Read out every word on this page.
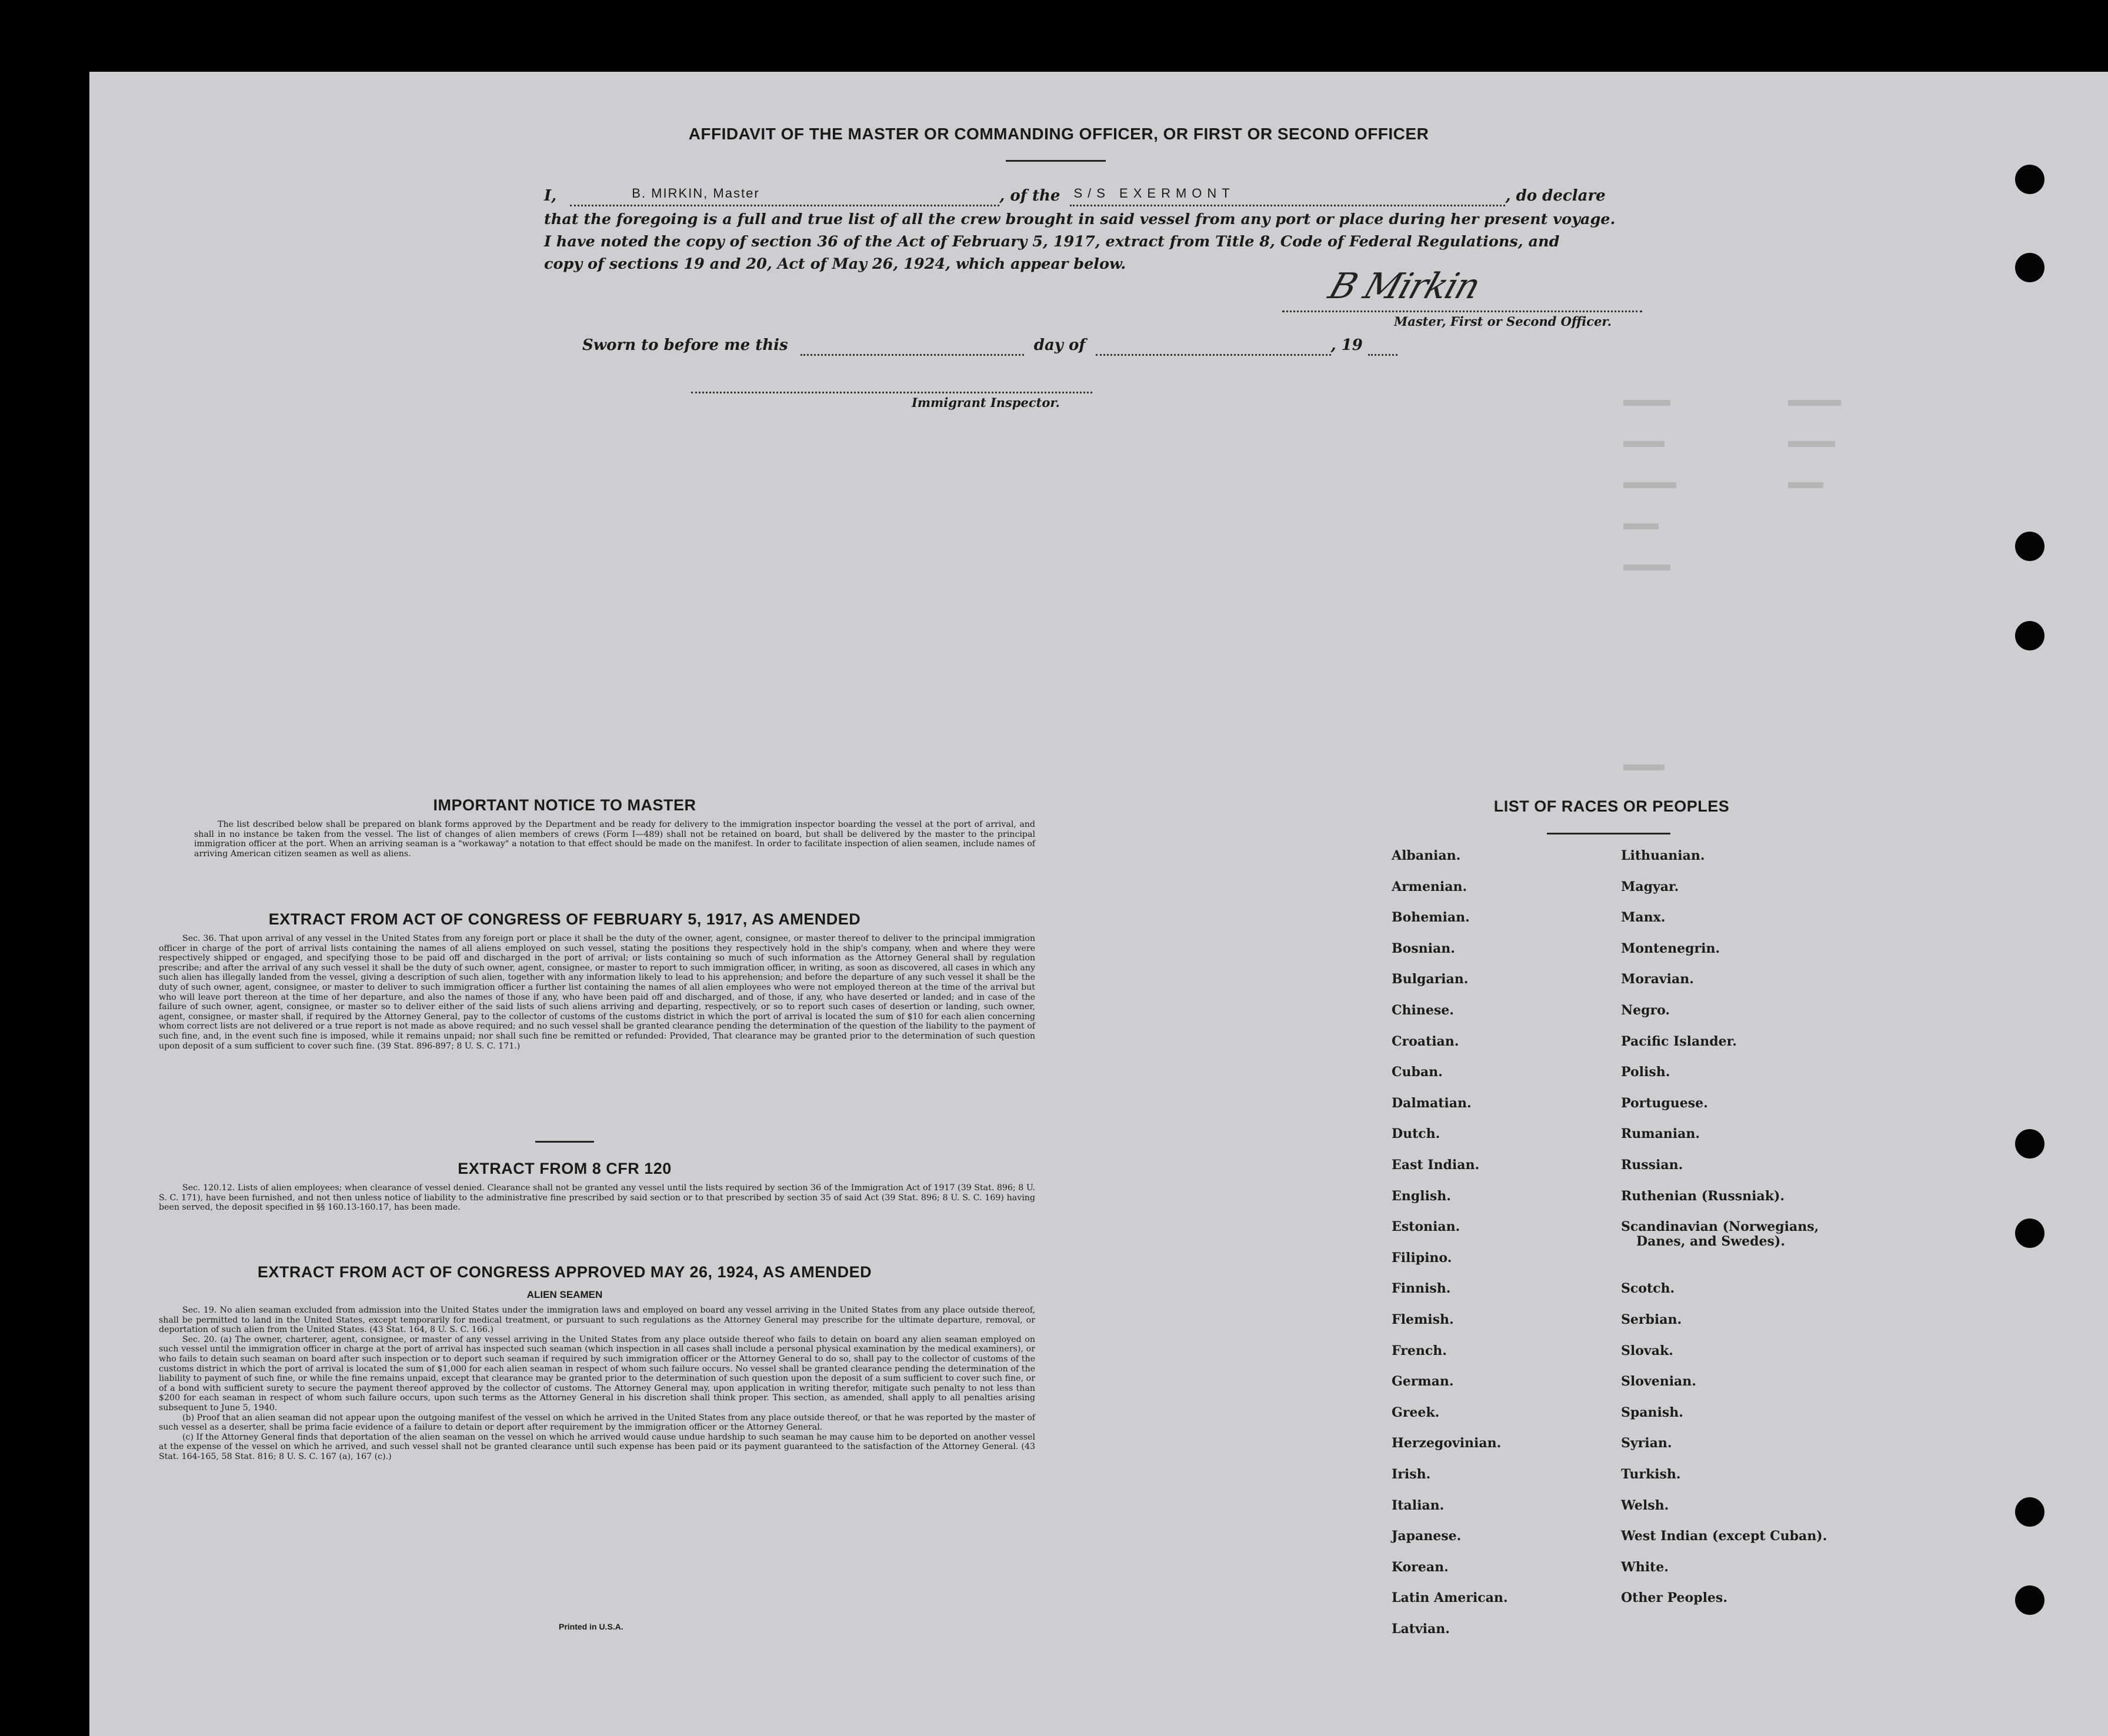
AFFIDAVIT OF THE MASTER OR COMMANDING OFFICER, OR FIRST OR SECOND OFFICER
I,	B. MIRKIN, Master	, of the S/S EXERMONT	, do declare
that the foregoing is a full and true list of all the crew brought in said vessel from any port or place during her present voyage.
I have noted the copy of section 36 of the Act of February 5, 1917, extract from Title 8, Code of Federal Regulations, and
copy of sections 19 and 20, Act of May 26, 1924, which appear below.
B Mirkin
Master, First or Second Officer.
Sworn to before me this	day of	, 19
Immigrant Inspector.
IMPORTANT NOTICE TO MASTER

The list described below shall be prepared on blank forms approved by the Department and be ready for delivery to the immigration inspector boarding the vessel at the port of arrival, and shall in no instance be taken from the vessel. The list of changes of alien members of crews (Form I—489) shall not be retained on board, but shall be delivered by the master to the principal immigration officer at the port. When an arriving seaman is a "workaway" a notation to that effect should be made on the manifest. In order to facilitate inspection of alien seamen, include names of arriving American citizen seamen as well as aliens.

EXTRACT FROM ACT OF CONGRESS OF FEBRUARY 5, 1917, AS AMENDED

Sec. 36. That upon arrival of any vessel in the United States from any foreign port or place it shall be the duty of the owner, agent, consignee, or master thereof to deliver to the principal immigration officer in charge of the port of arrival lists containing the names of all aliens employed on such vessel, stating the positions they respectively hold in the ship's company, when and where they were respectively shipped or engaged, and specifying those to be paid off and discharged in the port of arrival; or lists containing so much of such information as the Attorney General shall by regulation prescribe; and after the arrival of any such vessel it shall be the duty of such owner, agent, consignee, or master to report to such immigration officer, in writing, as soon as discovered, all cases in which any such alien has illegally landed from the vessel, giving a description of such alien, together with any information likely to lead to his apprehension; and before the departure of any such vessel it shall be the duty of such owner, agent, consignee, or master to deliver to such immigration officer a further list containing the names of all alien employees who were not employed thereon at the time of the arrival but who will leave port thereon at the time of her departure, and also the names of those if any, who have been paid off and discharged, and of those, if any, who have deserted or landed; and in case of the failure of such owner, agent, consignee, or master so to deliver either of the said lists of such aliens arriving and departing, respectively, or so to report such cases of desertion or landing, such owner, agent, consignee, or master shall, if required by the Attorney General, pay to the collector of customs of the customs district in which the port of arrival is located the sum of $10 for each alien concerning whom correct lists are not delivered or a true report is not made as above required; and no such vessel shall be granted clearance pending the determination of the question of the liability to the payment of such fine, and, in the event such fine is imposed, while it remains unpaid; nor shall such fine be remitted or refunded: Provided, That clearance may be granted prior to the determination of such question upon deposit of a sum sufficient to cover such fine. (39 Stat. 896-897; 8 U. S. C. 171.)

EXTRACT FROM 8 CFR 120

Sec. 120.12. Lists of alien employees; when clearance of vessel denied. Clearance shall not be granted any vessel until the lists required by section 36 of the Immigration Act of 1917 (39 Stat. 896; 8 U. S. C. 171), have been furnished, and not then unless notice of liability to the administrative fine prescribed by said section or to that prescribed by section 35 of said Act (39 Stat. 896; 8 U. S. C. 169) having been served, the deposit specified in §§ 160.13-160.17, has been made.

EXTRACT FROM ACT OF CONGRESS APPROVED MAY 26, 1924, AS AMENDED
ALIEN SEAMEN

Sec. 19. No alien seaman excluded from admission into the United States under the immigration laws and employed on board any vessel arriving in the United States from any place outside thereof, shall be permitted to land in the United States, except temporarily for medical treatment, or pursuant to such regulations as the Attorney General may prescribe for the ultimate departure, removal, or deportation of such alien from the United States. (43 Stat. 164, 8 U. S. C. 166.)

Sec. 20. (a) The owner, charterer, agent, consignee, or master of any vessel arriving in the United States from any place outside thereof who fails to detain on board any alien seaman employed on such vessel until the immigration officer in charge at the port of arrival has inspected such seaman (which inspection in all cases shall include a personal physical examination by the medical examiners), or who fails to detain such seaman on board after such inspection or to deport such seaman if required by such immigration officer or the Attorney General to do so, shall pay to the collector of customs of the customs district in which the port of arrival is located the sum of $1,000 for each alien seaman in respect of whom such failure occurs. No vessel shall be granted clearance pending the determination of the liability to payment of such fine, or while the fine remains unpaid, except that clearance may be granted prior to the determination of such question upon the deposit of a sum sufficient to cover such fine, or of a bond with sufficient surety to secure the payment thereof approved by the collector of customs. The Attorney General may, upon application in writing therefor, mitigate such penalty to not less than $200 for each seaman in respect of whom such failure occurs, upon such terms as the Attorney General in his discretion shall think proper. This section, as amended, shall apply to all penalties arising subsequent to June 5, 1940.

(b) Proof that an alien seaman did not appear upon the outgoing manifest of the vessel on which he arrived in the United States from any place outside thereof, or that he was reported by the master of such vessel as a deserter, shall be prima facie evidence of a failure to detain or deport after requirement by the immigration officer or the Attorney General.

(c) If the Attorney General finds that deportation of the alien seaman on the vessel on which he arrived would cause undue hardship to such seaman he may cause him to be deported on another vessel at the expense of the vessel on which he arrived, and such vessel shall not be granted clearance until such expense has been paid or its payment guaranteed to the satisfaction of the Attorney General. (43 Stat. 164-165, 58 Stat. 816; 8 U. S. C. 167 (a), 167 (c).)

Printed in U.S.A.
LIST OF RACES OR PEOPLES
Albanian.
Armenian.
Bohemian.
Bosnian.
Bulgarian.
Chinese.
Croatian.
Cuban.
Dalmatian.
Dutch.
East Indian.
English.
Estonian.
Filipino.
Finnish.
Flemish.
French.
German.
Greek.
Herzegovinian.
Irish.
Italian.
Japanese.
Korean.
Latin American.
Latvian.
Lithuanian.
Magyar.
Manx.
Montenegrin.
Moravian.
Negro.
Pacific Islander.
Polish.
Portuguese.
Rumanian.
Russian.
Ruthenian (Russniak).
Scandinavian (Norwegians,
Danes, and Swedes).
Scotch.
Serbian.
Slovak.
Slovenian.
Spanish.
Syrian.
Turkish.
Welsh.
West Indian (except Cuban).
White.
Other Peoples.
